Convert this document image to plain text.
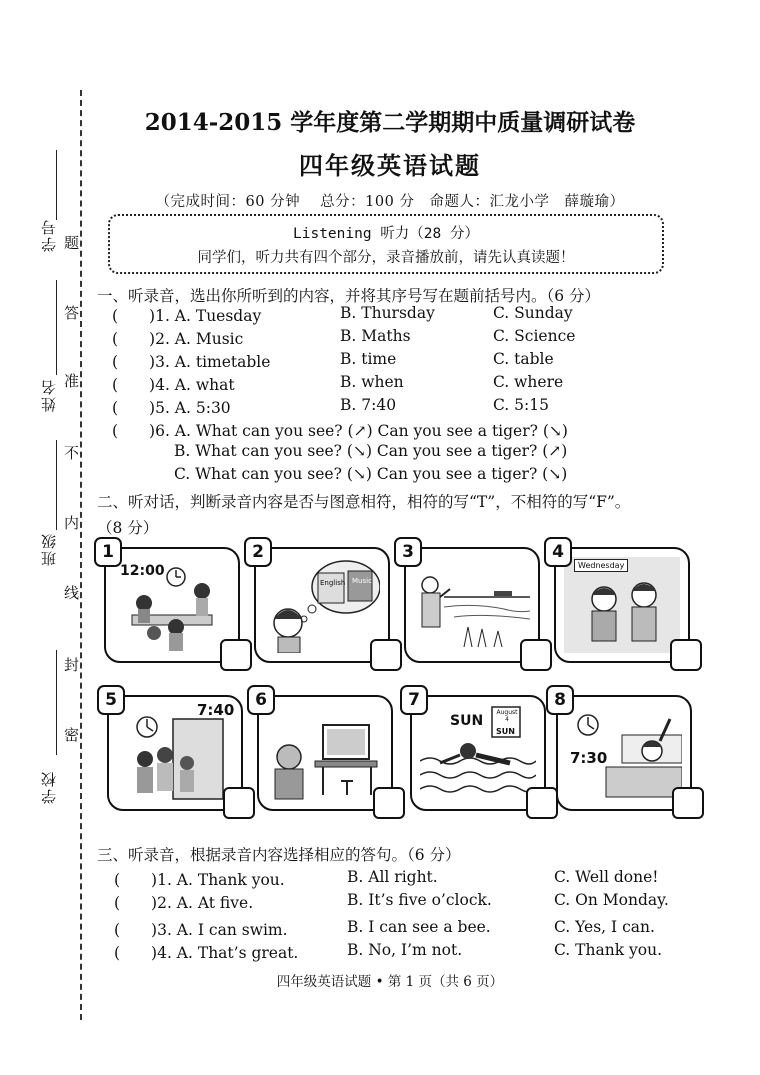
学号
姓名
班级
学校
题
答
准
不
内
线
封
密
2014-2015 学年度第二学期期中质量调研试卷
四年级英语试题
（完成时间：60 分钟　 总分：100 分　命题人：汇龙小学　薛璇瑜）
Listening 听力（28 分）
同学们，听力共有四个部分，录音播放前，请先认真读题！
一、听录音，选出你所听到的内容，并将其序号写在题前括号内。（6 分）
(　　)1. A. Tuesday	B. Thursday	C. Sunday
(　　)2. A. Music	B. Maths	C. Science
(　　)3. A. timetable	B. time	C. table
(　　)4. A. what	B. when	C. where
(　　)5. A. 5:30	B. 7:40	C. 5:15
(　　)6. A. What can you see? (↗) Can you see a tiger? (↘)
B. What can you see? (↘) Can you see a tiger? (↗)
C. What can you see? (↘) Can you see a tiger? (↘)
二、听对话，判断录音内容是否与图意相符，相符的写“T”，不相符的写“F”。
（8 分）
12:00
1
English Music
2	3
Wednesday
4
7:40
5	6
SUN
August 4
SUN
7
7:30
8
三、听录音，根据录音内容选择相应的答句。（6 分）
(　　)1. A. Thank you.	B. All right.	C. Well done!
(　　)2. A. At five.	B. It’s five o’clock.	C. On Monday.
(　　)3. A. I can swim.	B. I can see a bee.	C. Yes, I can.
(　　)4. A. That’s great.	B. No, I’m not.	C. Thank you.
四年级英语试题 • 第 1 页（共 6 页）
